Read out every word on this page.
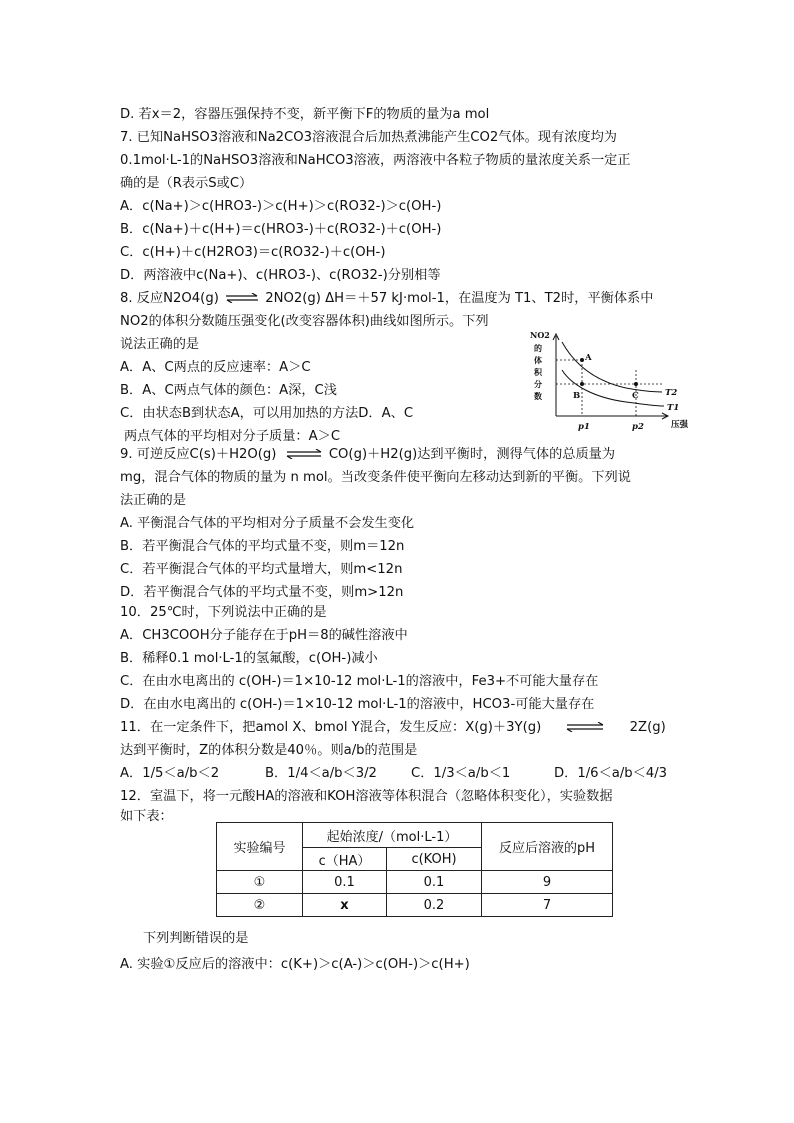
D. 若x＝2，容器压强保持不变，新平衡下F的物质的量为a mol
7. 已知NaHSO3溶液和Na2CO3溶液混合后加热煮沸能产生CO2气体。现有浓度均为
0.1mol·L-1的NaHSO3溶液和NaHCO3溶液，两溶液中各粒子物质的量浓度关系一定正
确的是（R表示S或C）
A．c(Na+)＞c(HRO3-)＞c(H+)＞c(RO32-)＞c(OH-)
B．c(Na+)＋c(H+)＝c(HRO3-)＋c(RO32-)＋c(OH-)
C．c(H+)＋c(H2RO3)＝c(RO32-)＋c(OH-)
D．两溶液中c(Na+)、c(HRO3-)、c(RO32-)分别相等
8. 反应N2O4(g) ⇌ 2NO2(g) ΔH＝＋57 kJ·mol-1，在温度为 T1、T2时，平衡体系中
NO2的体积分数随压强变化(改变容器体积)曲线如图所示。下列
说法正确的是
A．A、C两点的反应速率：A＞C
B．A、C两点气体的颜色：A深，C浅
C．由状态B到状态A，可以用加热的方法D．A、C
两点气体的平均相对分子质量：A＞C
NO2
的
体
积
分
数
A
B	C
p1	p2	压强
T2
T1
9. 可逆反应C(s)＋H2O(g) ⇌ CO(g)＋H2(g)达到平衡时，测得气体的总质量为
mg，混合气体的物质的量为 n mol。当改变条件使平衡向左移动达到新的平衡。下列说
法正确的是
A. 平衡混合气体的平均相对分子质量不会发生变化
B．若平衡混合气体的平均式量不变，则m＝12n
C．若平衡混合气体的平均式量增大，则m<12n
D．若平衡混合气体的平均式量不变，则m>12n
10．25℃时，下列说法中正确的是
A．CH3COOH分子能存在于pH＝8的碱性溶液中
B．稀释0.1 mol·L-1的氢氟酸，c(OH-)减小
C．在由水电离出的 c(OH-)＝1×10-12 mol·L-1的溶液中，Fe3+不可能大量存在
D．在由水电离出的 c(OH-)＝1×10-12 mol·L-1的溶液中，HCO3-可能大量存在
11．在一定条件下，把amol X、bmol Y混合，发生反应：X(g)＋3Y(g)	2Z(g)
达到平衡时，Z的体积分数是40％。则a/b的范围是
A．1/5＜a/b＜2	B．1/4＜a/b＜3/2	C．1/3＜a/b＜1	D．1/6＜a/b＜4/3
12．室温下，将一元酸HA的溶液和KOH溶液等体积混合（忽略体积变化），实验数据
如下表：
实验编号	起始浓度/（mol·L-1）		反应后溶液的pH
	c（HA）	c(KOH)	
①	0.1	0.1	9
②	x	0.2	7
下列判断错误的是
A. 实验①反应后的溶液中：c(K+)＞c(A-)＞c(OH-)＞c(H+)
